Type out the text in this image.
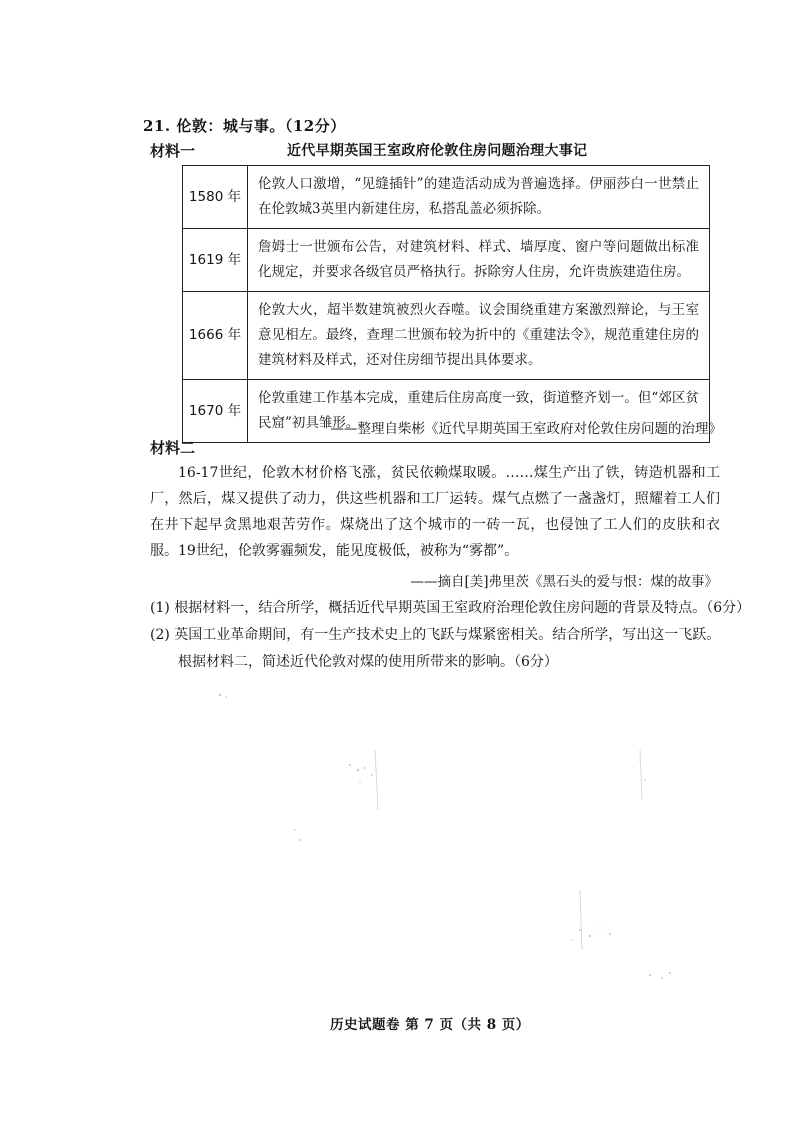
21. 伦敦：城与事。（12分）
材料一	近代早期英国王室政府伦敦住房问题治理大事记
1580 年	伦敦人口激增，“见缝插针”的建造活动成为普遍选择。伊丽莎白一世禁止在伦敦城3英里内新建住房，私搭乱盖必须拆除。
1619 年	詹姆士一世颁布公告，对建筑材料、样式、墙厚度、窗户等问题做出标准化规定，并要求各级官员严格执行。拆除穷人住房，允许贵族建造住房。
1666 年	伦敦大火，超半数建筑被烈火吞噬。议会围绕重建方案激烈辩论，与王室意见相左。最终，查理二世颁布较为折中的《重建法令》，规范重建住房的建筑材料及样式，还对住房细节提出具体要求。
1670 年	伦敦重建工作基本完成，重建后住房高度一致，街道整齐划一。但“郊区贫民窟”初具雏形。
——整理自柴彬《近代早期英国王室政府对伦敦住房问题的治理》
材料二
16-17世纪，伦敦木材价格飞涨，贫民依赖煤取暖。……煤生产出了铁，铸造机器和工厂，然后，煤又提供了动力，供这些机器和工厂运转。煤气点燃了一盏盏灯，照耀着工人们在井下起早贪黑地艰苦劳作。煤烧出了这个城市的一砖一瓦，也侵蚀了工人们的皮肤和衣服。19世纪，伦敦雾霾频发，能见度极低，被称为“雾都”。
——摘自[美]弗里茨《黑石头的爱与恨：煤的故事》
(1) 根据材料一，结合所学，概括近代早期英国王室政府治理伦敦住房问题的背景及特点。（6分）
(2) 英国工业革命期间，有一生产技术史上的飞跃与煤紧密相关。结合所学，写出这一飞跃。
根据材料二，简述近代伦敦对煤的使用所带来的影响。（6分）
历史试题卷 第 7 页（共 8 页）
